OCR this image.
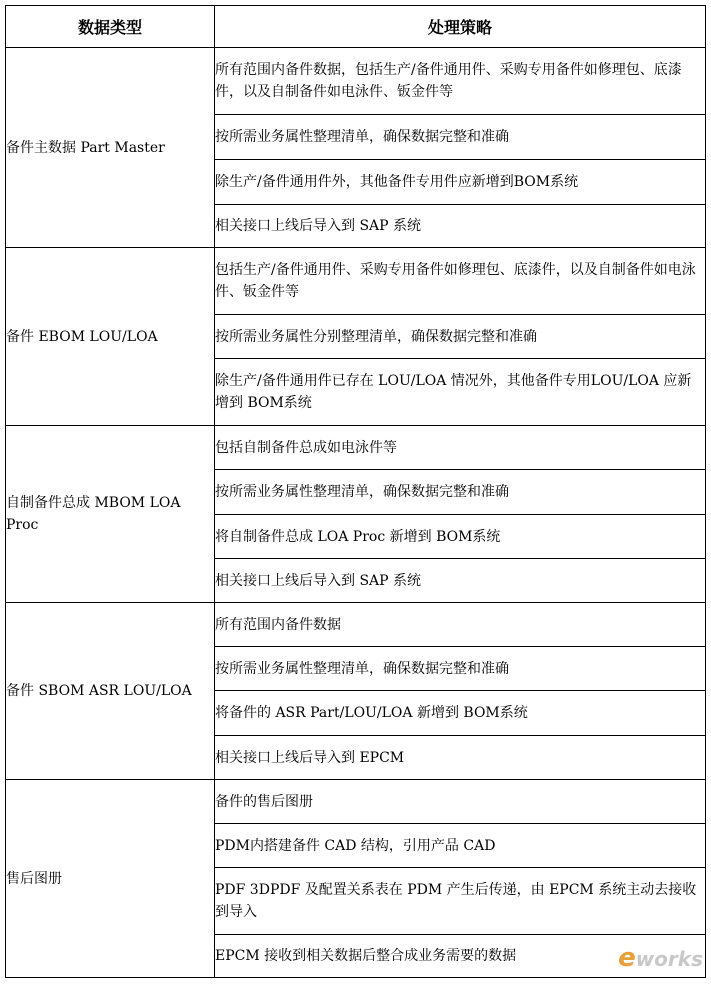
数据类型	处理策略
备件主数据 Part Master	所有范围内备件数据，包括生产/备件通用件、采购专用备件如修理包、底漆件，以及自制备件如电泳件、钣金件等
	按所需业务属性整理清单，确保数据完整和准确
	除生产/备件通用件外，其他备件专用件应新增到BOM系统
	相关接口上线后导入到 SAP 系统
备件 EBOM LOU/LOA	包括生产/备件通用件、采购专用备件如修理包、底漆件，以及自制备件如电泳件、钣金件等
	按所需业务属性分别整理清单，确保数据完整和准确
	除生产/备件通用件已存在 LOU/LOA 情况外，其他备件专用LOU/LOA 应新增到 BOM系统
自制备件总成 MBOM LOA Proc	包括自制备件总成如电泳件等
	按所需业务属性整理清单，确保数据完整和准确
	将自制备件总成 LOA Proc 新增到 BOM系统
	相关接口上线后导入到 SAP 系统
备件 SBOM ASR LOU/LOA	所有范围内备件数据
	按所需业务属性整理清单，确保数据完整和准确
	将备件的 ASR Part/LOU/LOA 新增到 BOM系统
	相关接口上线后导入到 EPCM
售后图册	备件的售后图册
	PDM内搭建备件 CAD 结构，引用产品 CAD
	PDF 3DPDF 及配置关系表在 PDM 产生后传递，由 EPCM 系统主动去接收到导入
	EPCM 接收到相关数据后整合成业务需要的数据	eworks
